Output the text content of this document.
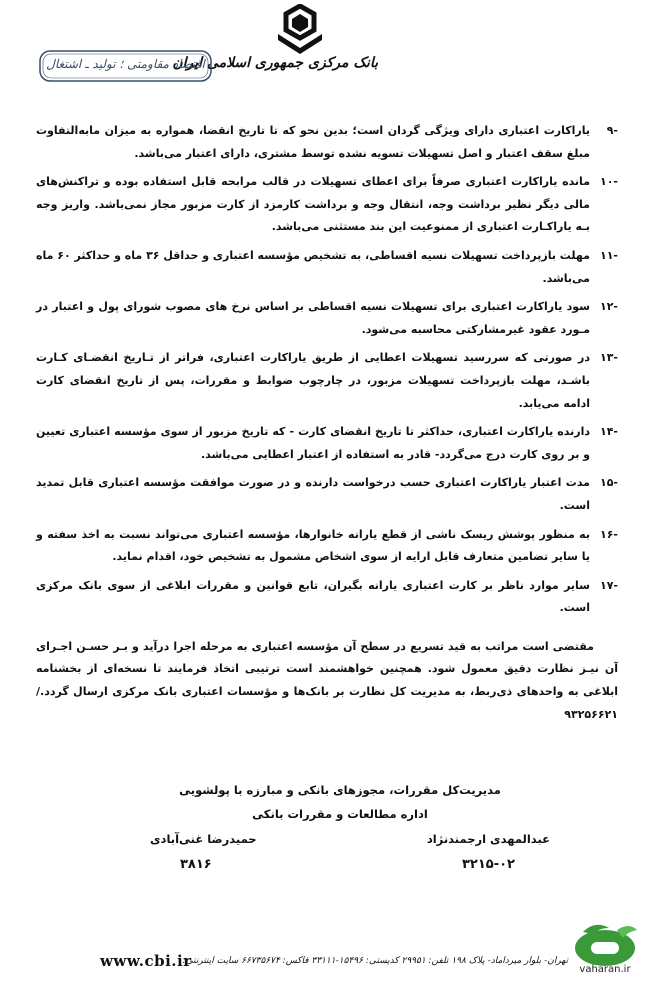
بانک مرکزی جمهوری اسلامی ایران
اقتصاد مقاومتی ؛ تولید ـ اشتغال
-۹
یاراکارت اعتباری دارای ویژگی گردان است؛ بدین نحو که تا تاریخ انقضا، همواره به میزان مابه‌التفاوت مبلغ سقف اعتبار و اصل تسهیلات تسویه نشده توسط مشتری، دارای اعتبار می‌باشد.
-۱۰
مانده یاراکارت اعتباری صرفاً برای اعطای تسهیلات در قالب مرابحه قابل استفاده بوده و تراکنش‌های مالی دیگر نظیر برداشت وجه، انتقال وجه و برداشت کارمزد از کارت مزبور مجاز نمی‌باشد. واریز وجه بـه یاراکـارت اعتباری از ممنوعیت این بند مستثنی می‌باشد.
-۱۱
مهلت بازپرداخت تسهیلات نسیه اقساطی، به تشخیص مؤسسه اعتباری و حداقل ۳۶ ماه و حداکثر ۶۰ ماه می‌باشد.
-۱۲
سود یاراکارت اعتباری برای تسهیلات نسیه اقساطی بر اساس نرخ های مصوب شورای پول و اعتبار در مـورد عقود غیرمشارکتی محاسبه می‌شود.
-۱۳
در صورتی که سررسید تسهیلات اعطایی از طریق یاراکارت اعتباری، فراتر از تـاریخ انقضـای کـارت باشـد، مهلت بازپرداخت تسهیلات مزبور، در چارچوب ضوابط و مقررات، پس از تاریخ انقضای کارت ادامه می‌یابد.
-۱۴
دارنده یاراکارت اعتباری، حداکثر تا تاریخ انقضای کارت - که تاریخ مزبور از سوی مؤسسه اعتباری تعیین و بر روی کارت درج می‌گردد- قادر به استفاده از اعتبار اعطایی می‌باشد.
-۱۵
مدت اعتبار یاراکارت اعتباری حسب درخواست دارنده و در صورت موافقت مؤسسه اعتباری قابل تمدید است.
-۱۶
به منظور پوشش ریسک ناشی از قطع یارانه خانوارها، مؤسسه اعتباری می‌تواند نسبت به اخذ سفته و یا سایر تضامین متعارف قابل ارایه از سوی اشخاص مشمول به تشخیص خود، اقدام نماید.
-۱۷
سایر موارد ناظر بر کارت اعتباری یارانه بگیران، تابع قوانین و مقررات ابلاغی از سوی بانک مرکزی است.
مقتضی است مراتب به قید تسریع در سطح آن مؤسسه اعتباری به مرحله اجرا درآید و بـر حسـن اجـرای آن نیـز نظارت دقیق معمول شود. همچنین خواهشمند است ترتیبی اتخاذ فرمایند تا نسخه‌ای از بخشنامه ابلاغی به واحدهای ذی‌ربط، به مدیریت کل نظارت بر بانک‌ها و مؤسسات اعتباری بانک مرکزی ارسال گردد./۹۳۲۵۶۶۲۱
مدیریت‌کل مقررات، مجوزهای بانکی و مبارزه با پولشویی
اداره مطالعات و مقررات بانکی
عبدالمهدی ارجمندنژاد
حمیدرضا غنی‌آبادی
۳۲۱۵-۰۲
۳۸۱۶
www.cbi.ir
تهران- بلوار میرداماد- پلاک ۱۹۸ تلفن: ۲۹۹۵۱ کدپستی: ۱۵۴۹۶-۳۳۱۱۱ فاکس: ۶۶۷۳۵۶۷۴ سایت اینترنتی:
vaharan.ir
